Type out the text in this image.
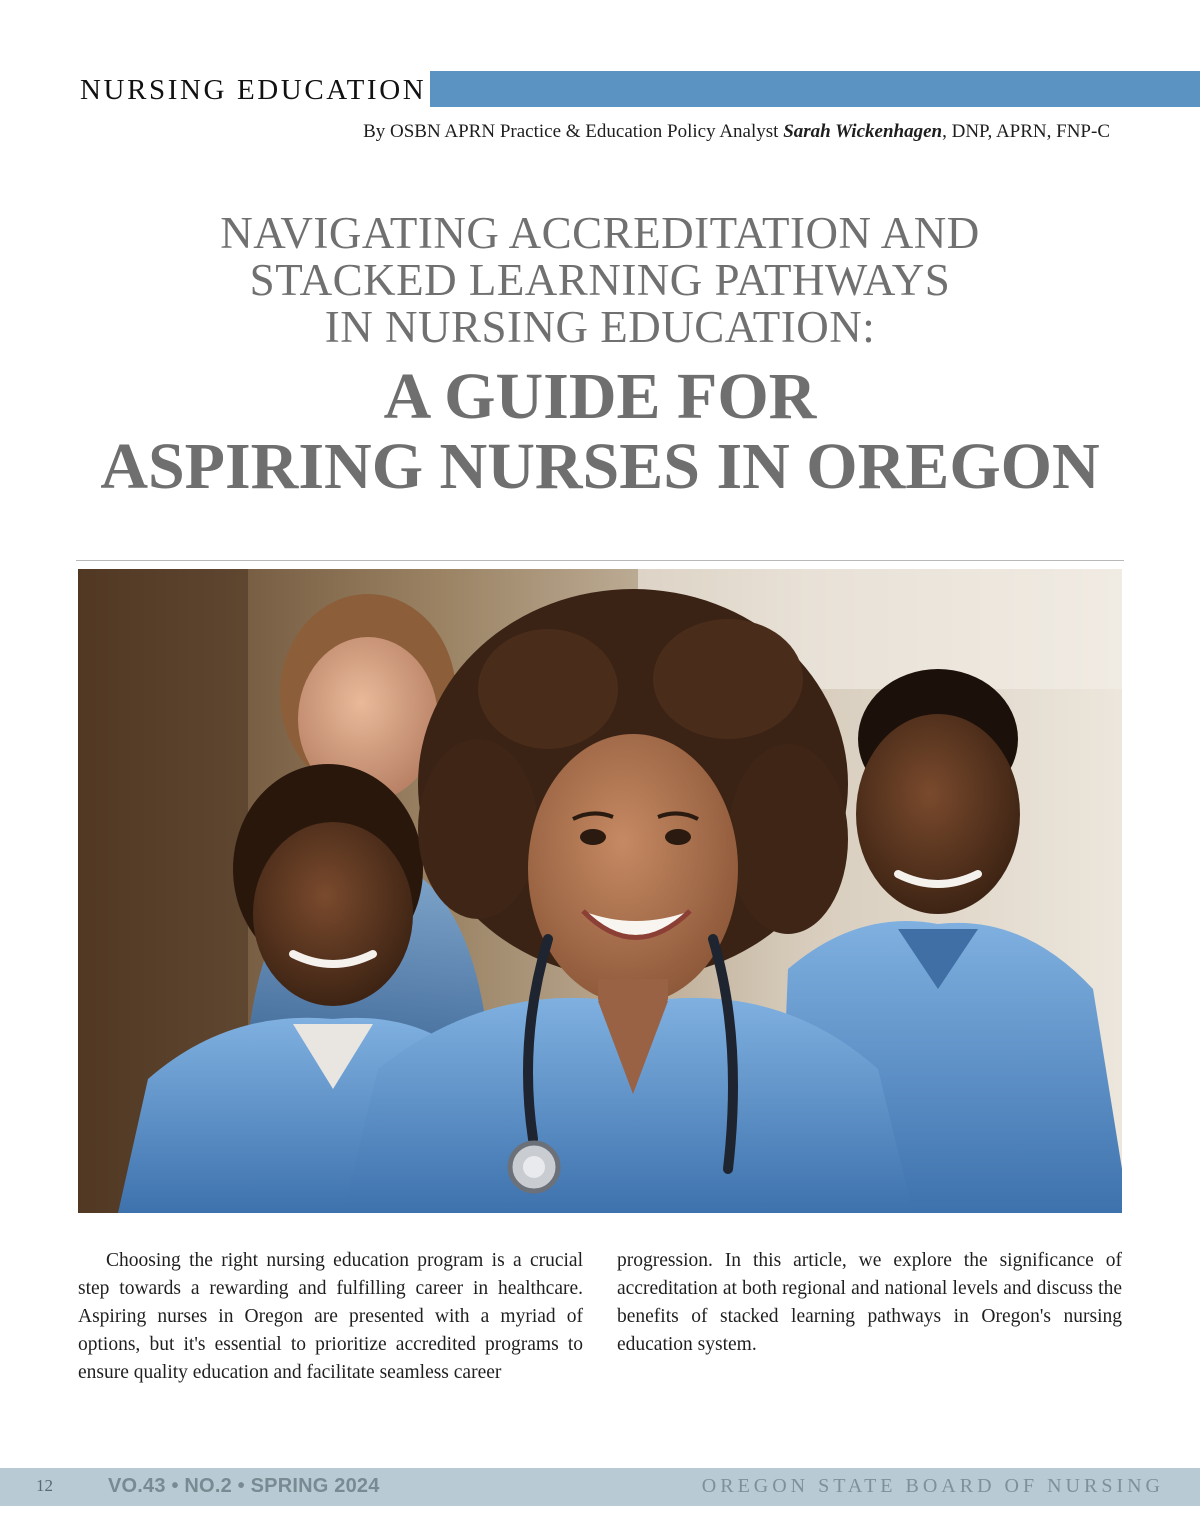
NURSING EDUCATION
By OSBN APRN Practice & Education Policy Analyst Sarah Wickenhagen, DNP, APRN, FNP-C
NAVIGATING ACCREDITATION AND
STACKED LEARNING PATHWAYS
IN NURSING EDUCATION:
A GUIDE FOR
ASPIRING NURSES IN OREGON
Choosing the right nursing education program is a crucial step towards a rewarding and fulfilling career in healthcare. Aspiring nurses in Oregon are presented with a myriad of options, but it's essential to prioritize accredited programs to ensure quality education and facilitate seamless career
progression. In this article, we explore the significance of accreditation at both regional and national levels and discuss the benefits of stacked learning pathways in Oregon's nursing education system.
12	VO.43 • NO.2 • SPRING 2024	OREGON STATE BOARD OF NURSING
